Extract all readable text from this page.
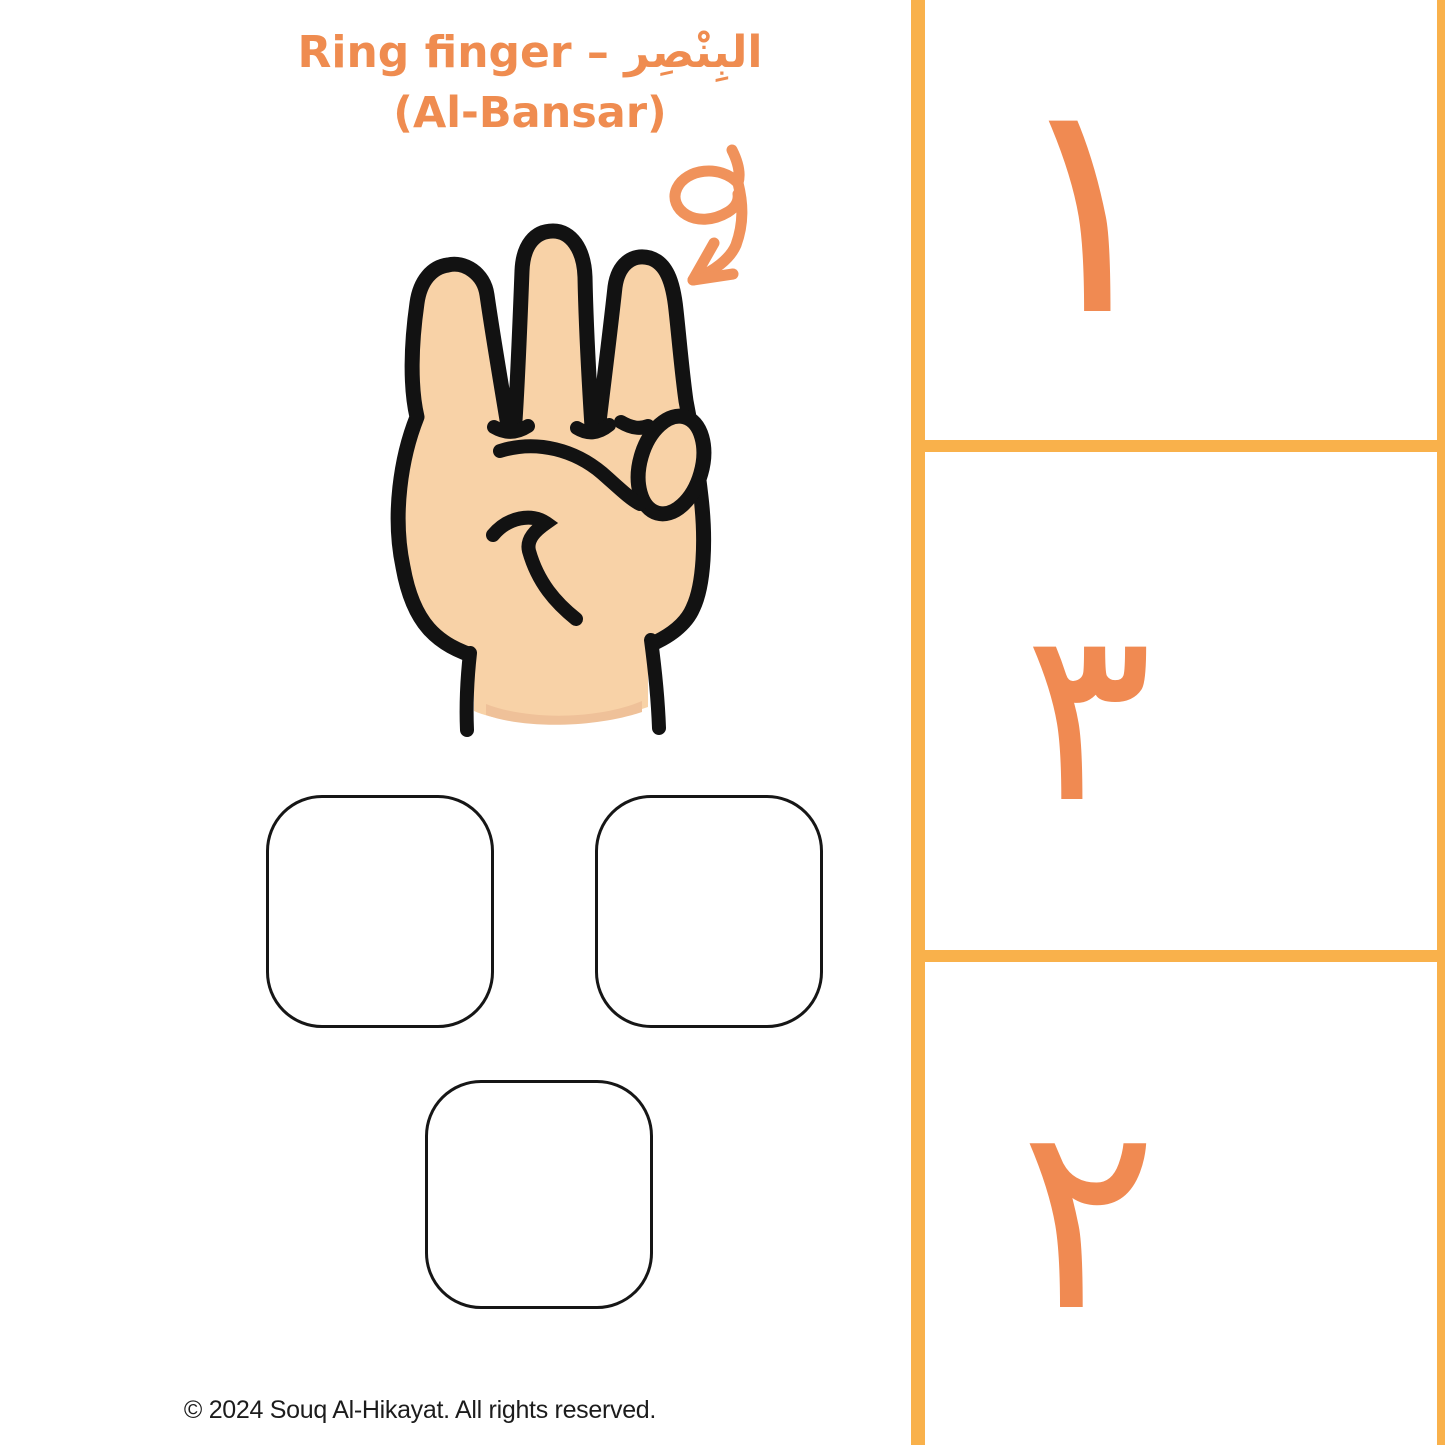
Ring finger – البِنْصِر
(Al-Bansar)	١
٣
٢
© 2024 Souq Al-Hikayat. All rights reserved.
